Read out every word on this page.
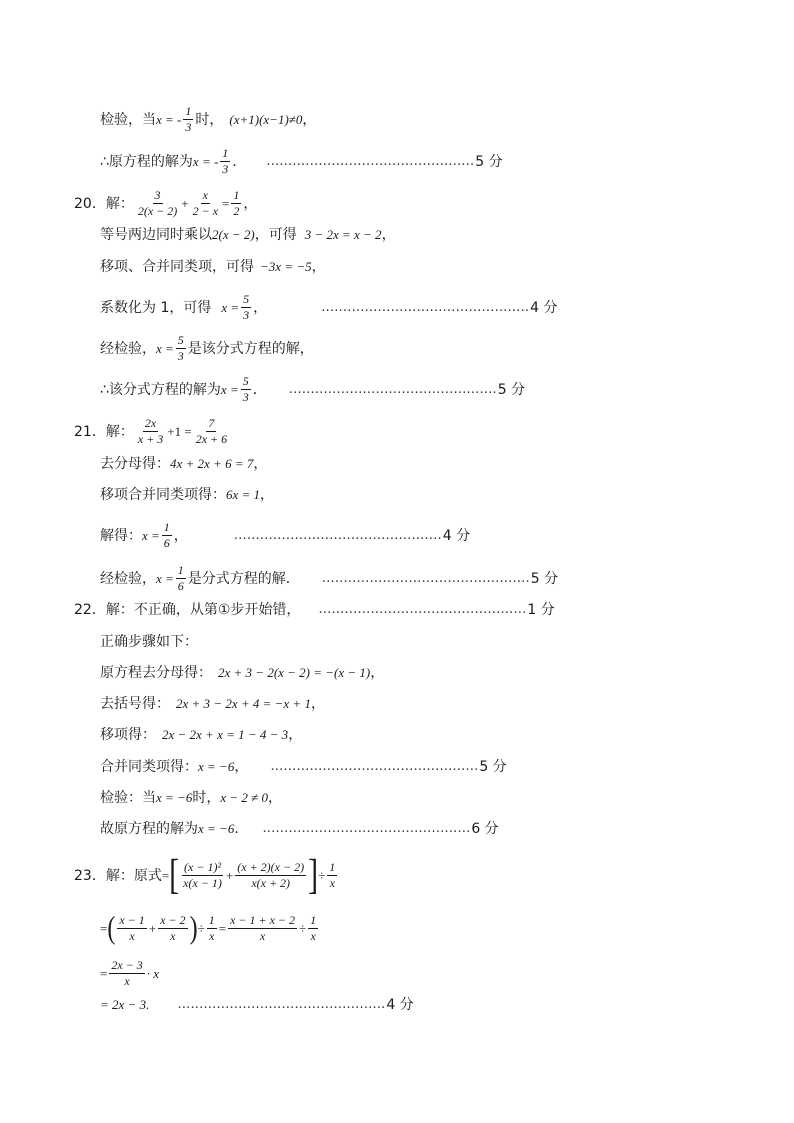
检验，当 x = -
1
3 时， (x+1)(x−1)≠0 ，
∴原方程的解为 x = -
1
3 ． ………………………………………… 5 分
20． 解：
3
2(x − 2)
+ $\frac{x}{2 - x} = \frac{1}{2}$ ，
等号两边同时乘以 2(x − 2) ，可得 3 − 2x = x − 2 ，
移项、合并同类项，可得 −3x = −5 ，
系数化为 1，可得 $x = \frac{5}{3}$ ，	………………………………………… 4 分
经检验， $x = \frac{5}{3}$ 是该分式方程的解，
∴该分式方程的解为 $x = \frac{5}{3}$ ． ………………………………………… 5 分
21． 解：
2x
x + 3
$+1 = \frac{7}{2x + 6}$
去分母得： 4x + 2x + 6 = 7 ，
移项合并同类项得： 6x = 1 ，
解得： $x = \frac{1}{6}$ ，	………………………………………… 4 分
经检验， $x = \frac{1}{6}$ 是分式方程的解． ………………………………………… 5 分
22． 解：不正确，从第①步开始错， ………………………………………… 1 分
正确步骤如下：
原方程去分母得： 2x + 3 − 2(x − 2) = −(x − 1) ，
去括号得： 2x + 3 − 2x + 4 = −x + 1 ，
移项得： 2x − 2x + x = 1 − 4 − 3 ，
合并同类项得： x = −6 ， ………………………………………… 5 分
检验：当 x = −6 时， x − 2 ≠ 0 ，
故原方程的解为 x = −6 ． ………………………………………… 6 分
23． 解：原式 = [ (x − 1)²
x(x − 1)
+ $\frac{(x + 2)(x - 2)}{x(x + 2)}$ ] ÷ $\frac{1}{x}$
= ( x − 1
x
+ $\frac{x - 2}{x}$ ) ÷ $\frac{1}{x} = \frac{x - 1 + x - 2}{x} \div \frac{1}{x}$
= $\frac{2x - 3}{x} \cdot x$
= 2x − 3. ………………………………………… 4 分
